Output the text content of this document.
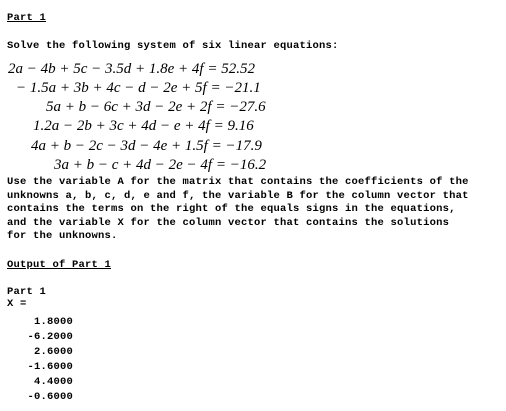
Part 1
Solve the following system of six linear equations:
2a − 4b + 5c − 3.5d + 1.8e + 4f = 52.52
− 1.5a + 3b + 4c − d − 2e + 5f = −21.1
5a + b − 6c + 3d − 2e + 2f = −27.6
1.2a − 2b + 3c + 4d − e + 4f = 9.16
4a + b − 2c − 3d − 4e + 1.5f = −17.9
3a + b − c + 4d − 2e − 4f = −16.2
Use the variable A for the matrix that contains the coefficients of the
unknowns a, b, c, d, e and f, the variable B for the column vector that
contains the terms on the right of the equals signs in the equations,
and the variable X for the column vector that contains the solutions
for the unknowns.
Output of Part 1
Part 1
X =
1.8000
-6.2000
2.6000
-1.6000
4.4000
-0.6000
